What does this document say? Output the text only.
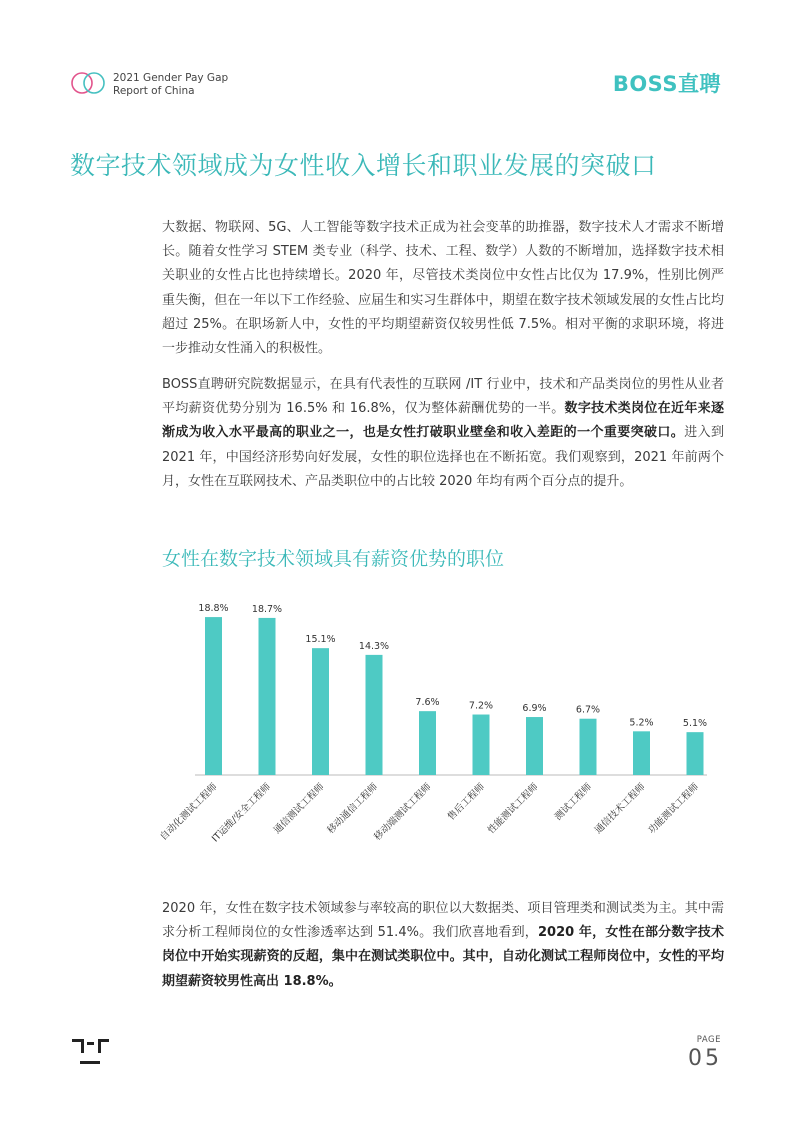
2021 Gender Pay Gap
Report of China	BOSS直聘
数字技术领域成为女性收入增长和职业发展的突破口

大数据、物联网、5G、人工智能等数字技术正成为社会变革的助推器，数字技术人才需求不断增长。随着女性学习 STEM 类专业（科学、技术、工程、数学）人数的不断增加，选择数字技术相关职业的女性占比也持续增长。2020 年，尽管技术类岗位中女性占比仅为 17.9%，性别比例严重失衡，但在一年以下工作经验、应届生和实习生群体中，期望在数字技术领域发展的女性占比均超过 25%。在职场新人中，女性的平均期望薪资仅较男性低 7.5%。相对平衡的求职环境，将进一步推动女性涌入的积极性。

BOSS直聘研究院数据显示，在具有代表性的互联网 /IT 行业中，技术和产品类岗位的男性从业者平均薪资优势分别为 16.5% 和 16.8%，仅为整体薪酬优势的一半。数字技术类岗位在近年来逐渐成为收入水平最高的职业之一，也是女性打破职业壁垒和收入差距的一个重要突破口。进入到 2021 年，中国经济形势向好发展，女性的职位选择也在不断拓宽。我们观察到，2021 年前两个月，女性在互联网技术、产品类职位中的占比较 2020 年均有两个百分点的提升。

女性在数字技术领域具有薪资优势的职位
18.8%
自动化测试工程师
18.7%
IT运维/安全工程师
15.1%
通信测试工程师
14.3%
移动通信工程师
7.6%
移动端测试工程师
7.2%
售后工程师
6.9%
性能测试工程师
6.7%
测试工程师
5.2%
通信技术工程师
5.1%
功能测试工程师

2020 年，女性在数字技术领域参与率较高的职位以大数据类、项目管理类和测试类为主。其中需求分析工程师岗位的女性渗透率达到 51.4%。我们欣喜地看到，2020 年，女性在部分数字技术岗位中开始实现薪资的反超，集中在测试类职位中。其中，自动化测试工程师岗位中，女性的平均期望薪资较男性高出 18.8%。

PAGE
05
